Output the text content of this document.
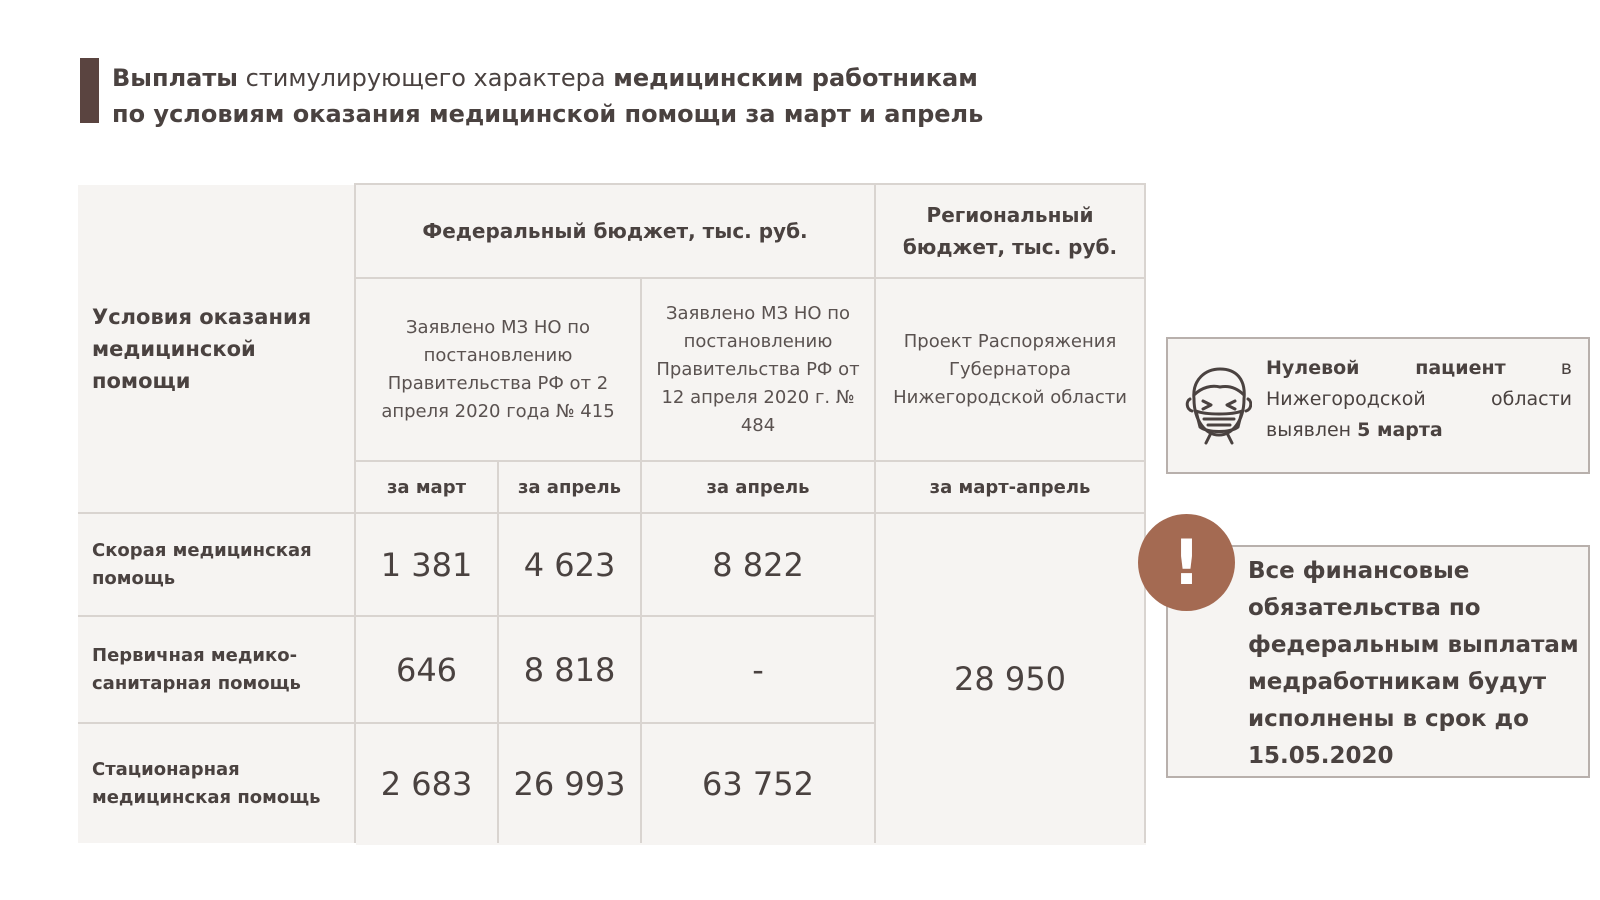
Выплаты стимулирующего характера медицинским работникам
по условиям оказания медицинской помощи за март и апрель
Условия оказания медицинской помощи	Федеральный бюджет, тыс. руб.			Региональный бюджет, тыс. руб.
	Заявлено МЗ НО по постановлению Правительства РФ от 2 апреля 2020 года № 415		Заявлено МЗ НО по постановлению Правительства РФ от 12 апреля 2020 г. № 484	Проект Распоряжения Губернатора Нижегородской области
	за март	за апрель	за апрель	за март-апрель
Скорая медицинская помощь	1 381	4 623	8 822	28 950
Первичная медико-санитарная помощь	646	8 818	-	
Стационарная медицинская помощь	2 683	26 993	63 752	
Нулевой пациент в Нижегородской области выявлен 5 марта
Все финансовые обязательства по федеральным выплатам медработникам будут исполнены в срок до 15.05.2020
!
